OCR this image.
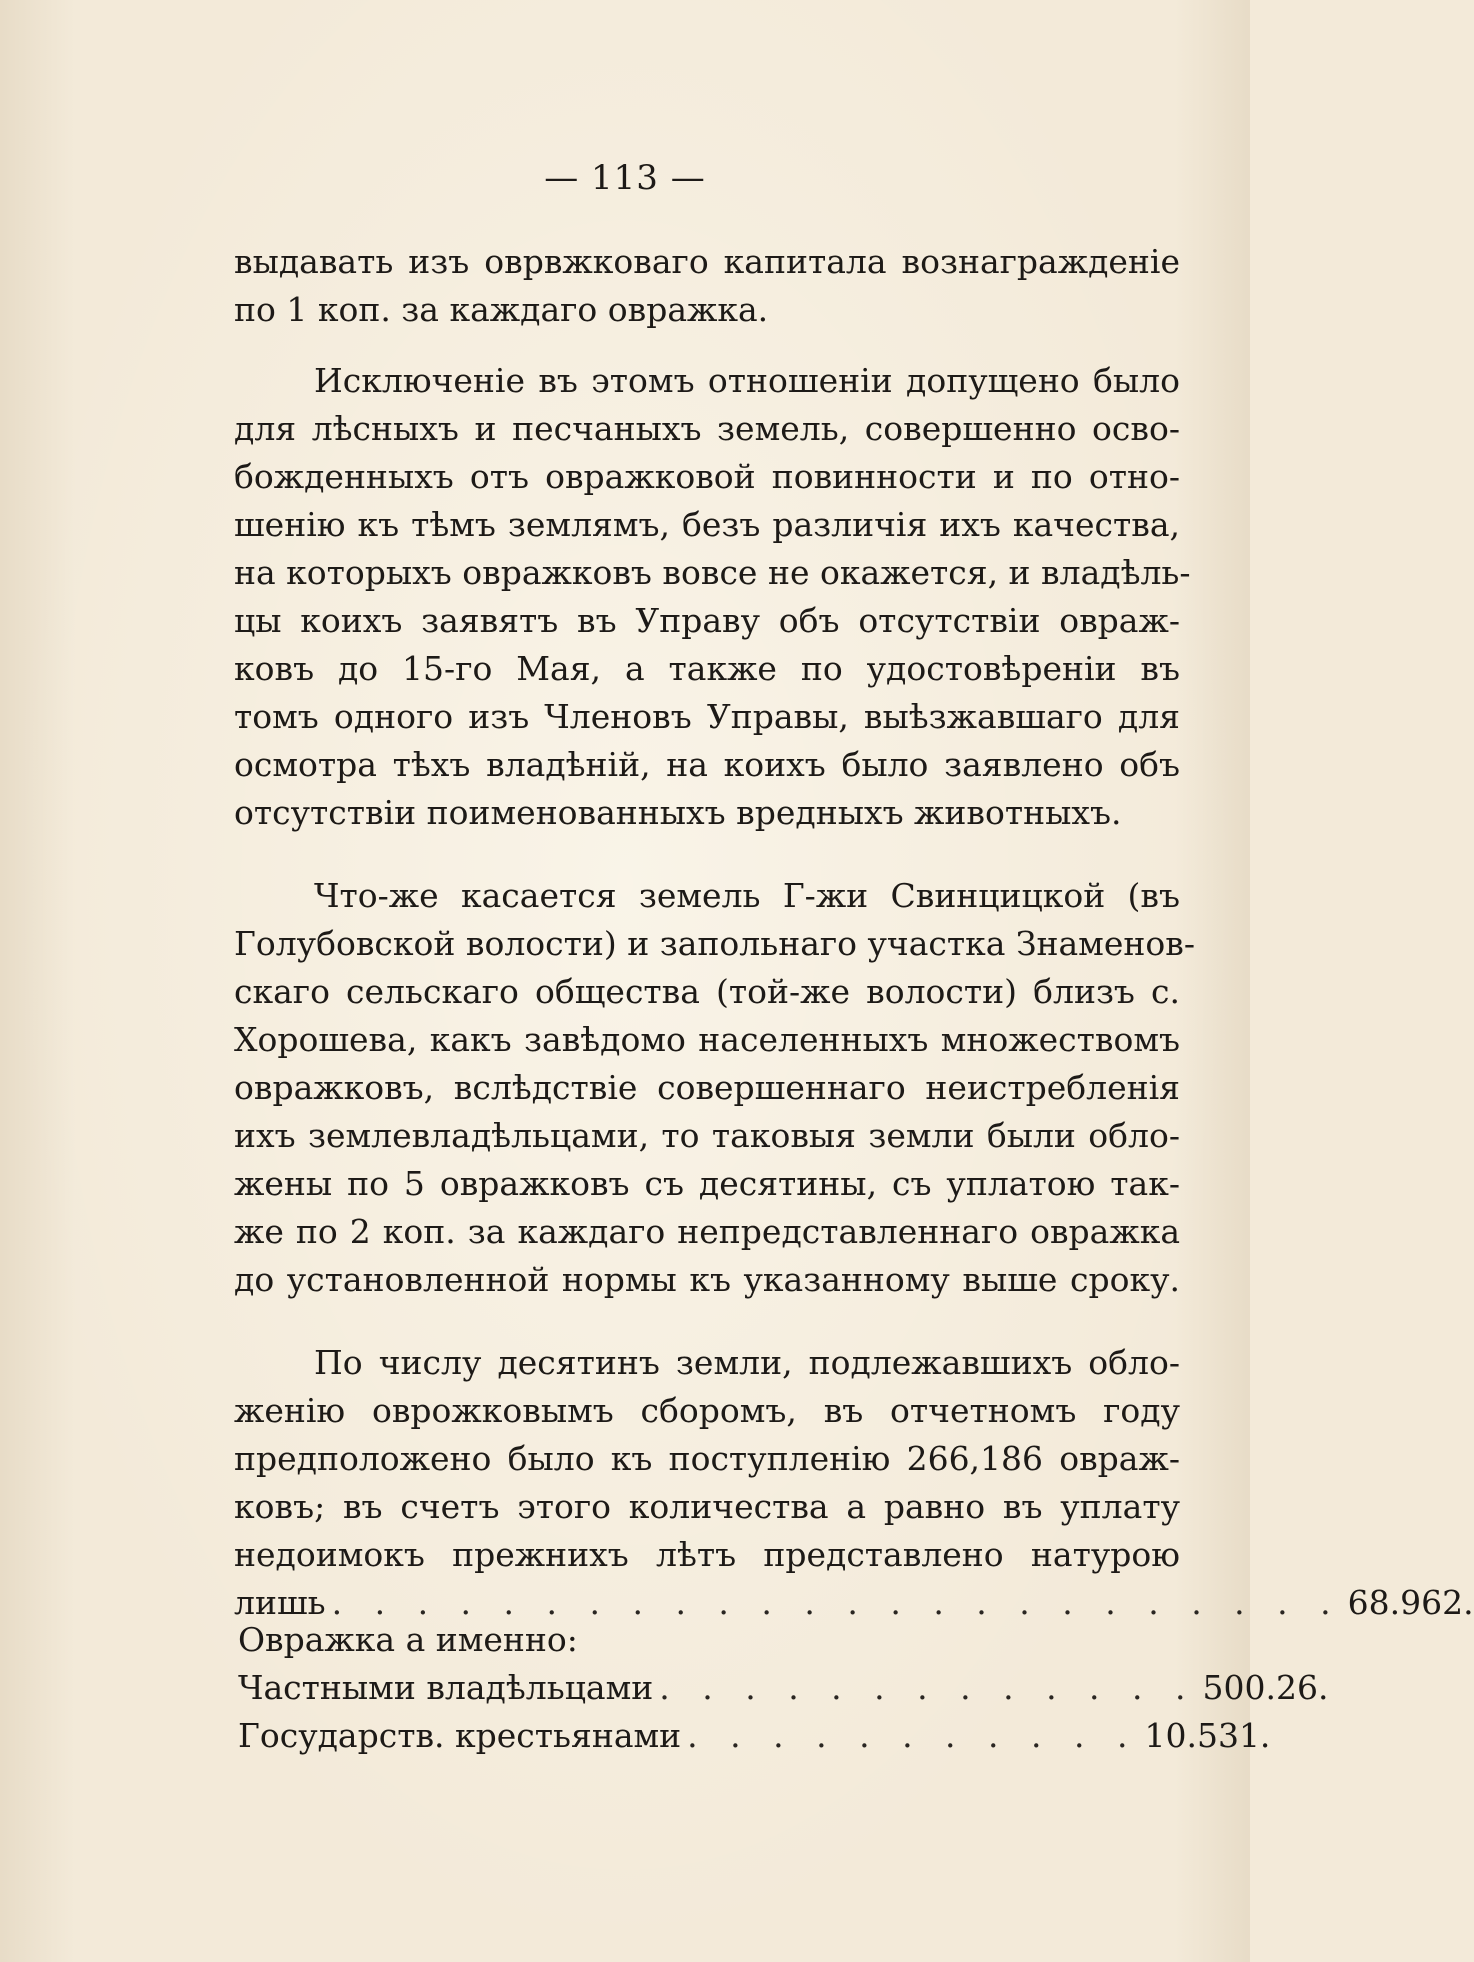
— 113 —
выдавать изъ оврвжковаго капитала вознагражденіе
по 1 коп. за каждаго овражка.
Исключеніе въ этомъ отношеніи допущено было
для лѣсныхъ и песчаныхъ земель, совершенно осво-
божденныхъ отъ овражковой повинности и по отно-
шенію къ тѣмъ землямъ, безъ различія ихъ качества,
на которыхъ овражковъ вовсе не окажется, и владѣль-
цы коихъ заявятъ въ Управу объ отсутствіи овраж-
ковъ до 15-го Мая, а также по удостовѣреніи въ
томъ одного изъ Членовъ Управы, выѣзжавшаго для
осмотра тѣхъ владѣній, на коихъ было заявлено объ
отсутствіи поименованныхъ вредныхъ животныхъ.
Что-же касается земель Г-жи Свинцицкой (въ
Голубовской волости) и запольнаго участка Знаменов-
скаго сельскаго общества (той-же волости) близъ с.
Хорошева, какъ завѣдомо населенныхъ множествомъ
овражковъ, вслѣдствіе совершеннаго неистребленія
ихъ землевладѣльцами, то таковыя земли были обло-
жены по 5 овражковъ съ десятины, съ уплатою так-
же по 2 коп. за каждаго непредставленнаго овражка
до установленной нормы къ указанному выше сроку.
По числу десятинъ земли, подлежавшихъ обло-
женію оврожковымъ сборомъ, въ отчетномъ году
предположено было къ поступленію 266,186 овраж-
ковъ; въ счетъ этого количества а равно въ уплату
недоимокъ прежнихъ лѣтъ представлено натурою
лишь . . . . . . . . . . . . . . . . . . . . . . . . 68.962.
Овражка а именно:
Частными владѣльцами . . . . . . . . . . . . . 500.26.
Государств. крестьянами . . . . . . . . . . . 10.531.
